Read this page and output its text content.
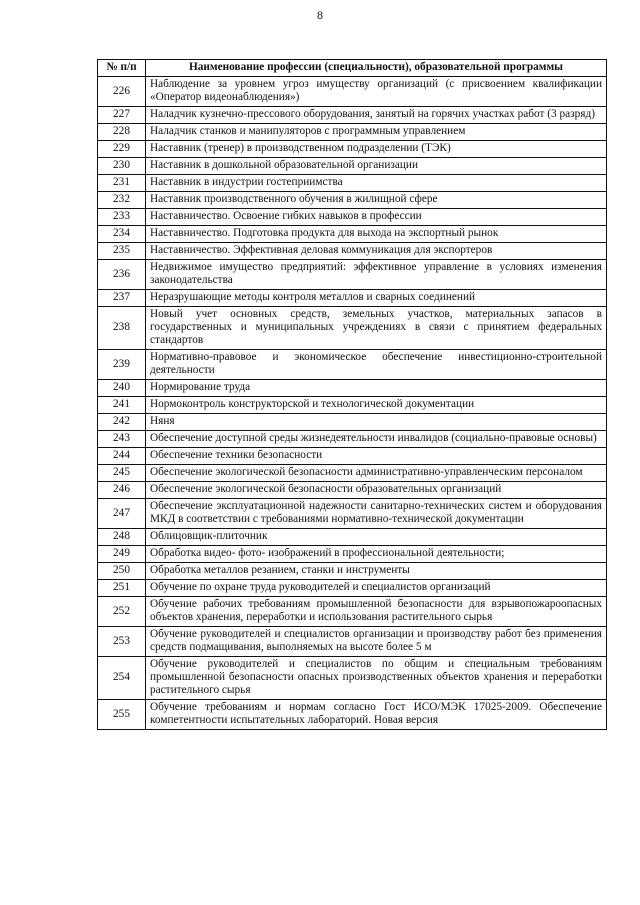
8
№ п/п	Наименование профессии (специальности), образовательной программы
226	Наблюдение за уровнем угроз имуществу организаций (с присвоением квалификации «Оператор видеонаблюдения»)
227	Наладчик кузнечно-прессового оборудования, занятый на горячих участках работ (3 разряд)
228	Наладчик станков и манипуляторов с программным управлением
229	Наставник (тренер) в производственном подразделении (ТЭК)
230	Наставник в дошкольной образовательной организации
231	Наставник в индустрии гостеприимства
232	Наставник производственного обучения в жилищной сфере
233	Наставничество. Освоение гибких навыков в профессии
234	Наставничество. Подготовка продукта для выхода на экспортный рынок
235	Наставничество. Эффективная деловая коммуникация для экспортеров
236	Недвижимое имущество предприятий: эффективное управление в условиях изменения законодательства
237	Неразрушающие методы контроля металлов и сварных соединений
238	Новый учет основных средств, земельных участков, материальных запасов в государственных и муниципальных учреждениях в связи с принятием федеральных стандартов
239	Нормативно-правовое и экономическое обеспечение инвестиционно-строительной деятельности
240	Нормирование труда
241	Нормоконтроль конструкторской и технологической документации
242	Няня
243	Обеспечение доступной среды жизнедеятельности инвалидов (социально-правовые основы)
244	Обеспечение техники безопасности
245	Обеспечение экологической безопасности административно-управленческим персоналом
246	Обеспечение экологической безопасности образовательных организаций
247	Обеспечение эксплуатационной надежности санитарно-технических систем и оборудования МКД в соответствии с требованиями нормативно-технической документации
248	Облицовщик-плиточник
249	Обработка видео- фото- изображений в профессиональной деятельности;
250	Обработка металлов резанием, станки и инструменты
251	Обучение по охране труда руководителей и специалистов организаций
252	Обучение рабочих требованиям промышленной безопасности для взрывопожароопасных объектов хранения, переработки и использования растительного сырья
253	Обучение руководителей и специалистов организации и производству работ без применения средств подмащивания, выполняемых на высоте более 5 м
254	Обучение руководителей и специалистов по общим и специальным требованиям промышленной безопасности опасных производственных объектов хранения и переработки растительного сырья
255	Обучение требованиям и нормам согласно Гост ИСО/МЭК 17025-2009. Обеспечение компетентности испытательных лабораторий. Новая версия
